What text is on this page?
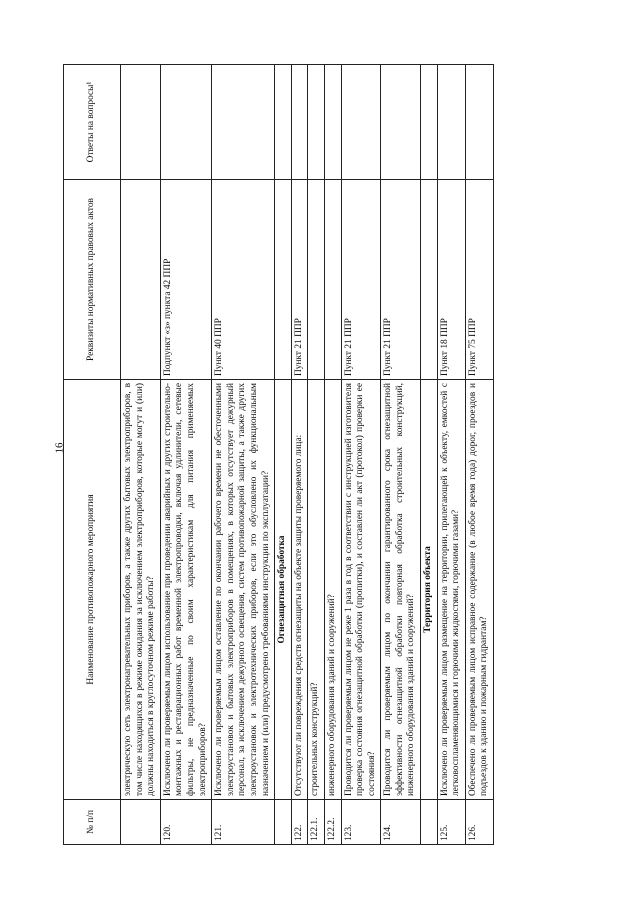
16
№ п/п	Наименование противопожарного мероприятия	Реквизиты нормативных правовых актов	Ответы на вопросы¹
	электрическую сеть электронагревательных приборов, а также других бытовых электроприборов, в том числе находящихся в режиме ожидания за исключением электроприборов, которые могут и (или) должны находиться в круглосуточном режиме работы?		
120.	Исключено ли проверяемым лицом использование при проведении аварийных и других строительно-монтажных и реставрационных работ временной электропроводки, включая удлинители, сетевые фильтры, не предназначенные по своим характеристикам для питания применяемых электроприборов?	Подпункт «з» пункта 42 ППР	
121.	Исключено ли проверяемым лицом оставление по окончании рабочего времени не обесточенными электроустановок и бытовых электроприборов в помещениях, в которых отсутствует дежурный персонал, за исключением дежурного освещения, систем противопожарной защиты, а также других электроустановок и электротехнических приборов, если это обусловлено их функциональным назначением и (или) предусмотрено требованиями инструкции по эксплуатации?	Пункт 40 ППР	
	Огнезащитная обработка		
122.	Отсутствуют ли повреждения средств огнезащиты на объекте защиты проверяемого лица:	Пункт 21 ППР	
122.1.	строительных конструкций?		
122.2.	инженерного оборудования зданий и сооружений?		
123.	Проводится ли проверяемым лицом не реже 1 раза в год в соответствии с инструкцией изготовителя проверка состояния огнезащитной обработки (пропитки), и составлен ли акт (протокол) проверки ее состояния?	Пункт 21 ППР	
124.	Проводится ли проверяемым лицом по окончании гарантированного срока огнезащитной эффективности огнезащитной обработки повторная обработка строительных конструкций, инженерного оборудования зданий и сооружений?	Пункт 21 ППР	
	Территория объекта		
125.	Исключено ли проверяемым лицом размещение на территории, прилегающей к объекту, емкостей с легковоспламеняющимися и горючими жидкостями, горючими газами?	Пункт 18 ППР	
126.	Обеспечено ли проверяемым лицом исправное содержание (в любое время года) дорог, проездов и подъездов к зданию и пожарным гидрантам?	Пункт 75 ППР	
